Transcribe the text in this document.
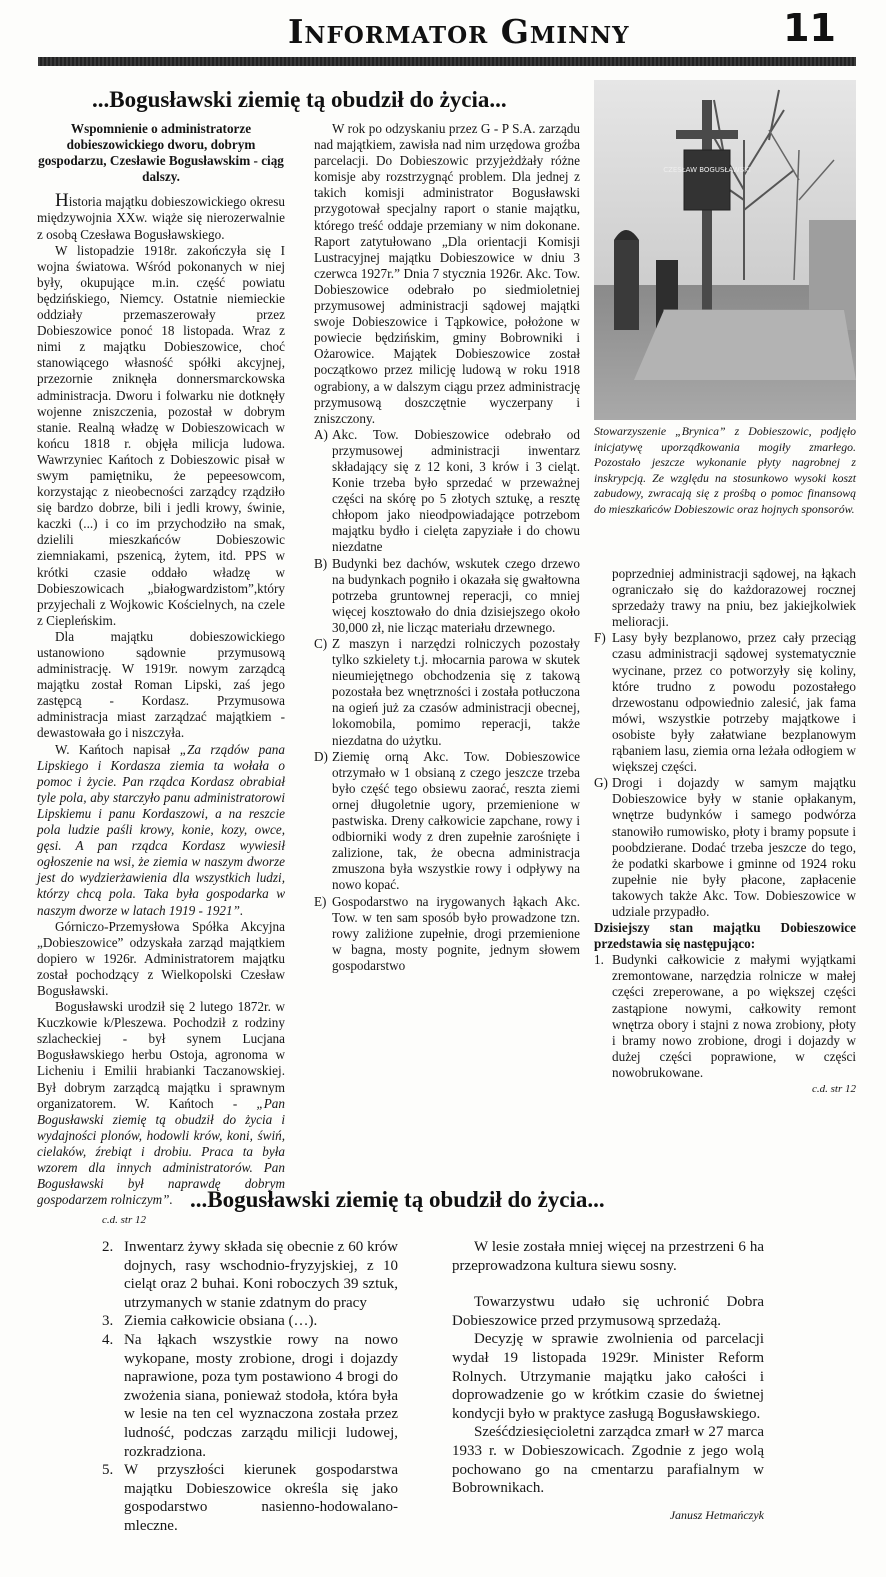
Informator Gminny	11
...Bogusławski ziemię tą obudził do życia...

Wspomnienie o administratorze dobieszowickiego dworu, dobrym gospodarzu, Czesławie Bogusławskim - ciąg dalszy.

Historia majątku dobieszowickiego okresu międzywojnia XXw. wiąże się nierozerwalnie z osobą Czesława Bogusławskiego.

W listopadzie 1918r. zakończyła się I wojna światowa. Wśród pokonanych w niej były, okupujące m.in. część powiatu będzińskiego, Niemcy. Ostatnie niemieckie oddziały przemaszerowały przez Dobieszowice ponoć 18 listopada. Wraz z nimi z majątku Dobieszowice, choć stanowiącego własność spółki akcyjnej, przezornie zniknęła donnersmarckowska administracja. Dworu i folwarku nie dotknęły wojenne zniszczenia, pozostał w dobrym stanie. Realną władzę w Dobieszowicach w końcu 1818 r. objęła milicja ludowa. Wawrzyniec Kańtoch z Dobieszowic pisał w swym pamiętniku, że pepeesowcom, korzystając z nieobecności zarządcy rządziło się bardzo dobrze, bili i jedli krowy, świnie, kaczki (...) i co im przychodziło na smak, dzielili mieszkańców Dobieszowic ziemniakami, pszenicą, żytem, itd. PPS w krótki czasie oddało władzę w Dobieszowicach „białogwardzistom”,który przyjechali z Wojkowic Kościelnych, na czele z Ciepleńskim.

Dla majątku dobieszowickiego ustanowiono sądownie przymusową administrację. W 1919r. nowym zarządcą majątku został Roman Lipski, zaś jego zastępcą - Kordasz. Przymusowa administracja miast zarządzać majątkiem - dewastowała go i niszczyła.

W. Kańtoch napisał „Za rządów pana Lipskiego i Kordasza ziemia ta wołała o pomoc i życie. Pan rządca Kordasz obrabiał tyle pola, aby starczyło panu administratorowi Lipskiemu i panu Kordaszowi, a na reszcie pola ludzie paśli krowy, konie, kozy, owce, gęsi. A pan rządca Kordasz wywiesił ogłoszenie na wsi, że ziemia w naszym dworze jest do wydzierżawienia dla wszystkich ludzi, którzy chcą pola. Taka była gospodarka w naszym dworze w latach 1919 - 1921”.

Górniczo-Przemysłowa Spółka Akcyjna „Dobieszowice” odzyskała zarząd majątkiem dopiero w 1926r. Administratorem majątku został pochodzący z Wielkopolski Czesław Bogusławski.

Bogusławski urodził się 2 lutego 1872r. w Kuczkowie k/Pleszewa. Pochodził z rodziny szlacheckiej - był synem Lucjana Bogusławskiego herbu Ostoja, agronoma w Licheniu i Emilii hrabianki Taczanowskiej. Był dobrym zarządcą majątku i sprawnym organizatorem. W. Kańtoch - „Pan Bogusławski ziemię tą obudził do życia i wydajności plonów, hodowli krów, koni, świń, cielaków, źrebiąt i drobiu. Praca ta była wzorem dla innych administratorów. Pan Bogusławski był naprawdę dobrym gospodarzem rolniczym”.

W rok po odzyskaniu przez G - P S.A. zarządu nad majątkiem, zawisła nad nim urzędowa groźba parcelacji. Do Dobieszowic przyjeżdżały różne komisje aby rozstrzygnąć problem. Dla jednej z takich komisji administrator Bogusławski przygotował specjalny raport o stanie majątku, którego treść oddaje przemiany w nim dokonane. Raport zatytułowano „Dla orientacji Komisji Lustracyjnej majątku Dobieszowice w dniu 3 czerwca 1927r.” Dnia 7 stycznia 1926r. Akc. Tow. Dobieszowice odebrało po siedmioletniej przymusowej administracji sądowej majątki swoje Dobieszowice i Tąpkowice, położone w powiecie będzińskim, gminy Bobrowniki i Ożarowice. Majątek Dobieszowice został początkowo przez milicję ludową w roku 1918 ograbiony, a w dalszym ciągu przez administrację przymusową doszczętnie wyczerpany i zniszczony.

A) Akc. Tow. Dobieszowice odebrało od przymusowej administracji inwentarz składający się z 12 koni, 3 krów i 3 cieląt. Konie trzeba było sprzedać w przeważnej części na skórę po 5 złotych sztukę, a resztę chłopom jako nieodpowiadające potrzebom majątku bydło i cielęta zapyziałe i do chowu niezdatne
B) Budynki bez dachów, wskutek czego drzewo na budynkach pogniło i okazała się gwałtowna potrzeba gruntownej reperacji, co mniej więcej kosztowało do dnia dzisiejszego około 30,000 zł, nie licząc materiału drzewnego.
C) Z maszyn i narzędzi rolniczych pozostały tylko szkielety t.j. młocarnia parowa w skutek nieumiejętnego obchodzenia się z takową pozostała bez wnętrzności i została potłuczona na ogień już za czasów administracji obecnej, lokomobila, pomimo reperacji, także niezdatna do użytku.
D) Ziemię orną Akc. Tow. Dobieszowice otrzymało w 1 obsianą z czego jeszcze trzeba było część tego obsiewu zaorać, reszta ziemi ornej długoletnie ugory, przemienione w pastwiska. Dreny całkowicie zapchane, rowy i odbiorniki wody z dren zupełnie zarośnięte i zalizione, tak, że obecna administracja zmuszona była wszystkie rowy i odpływy na nowo kopać.
E) Gospodarstwo na irygowanych łąkach Akc. Tow. w ten sam sposób było prowadzone tzn. rowy zaliżione zupełnie, drogi przemienione w bagna, mosty pognite, jednym słowem gospodarstwo
CZESŁAW BOGUSŁAWSKI
Stowarzyszenie „Brynica” z Dobieszowic, podjęło inicjatywę uporządkowania mogiły zmarłego. Pozostało jeszcze wykonanie płyty nagrobnej z inskrypcją. Ze względu na stosunkowo wysoki koszt zabudowy, zwracają się z prośbą o pomoc finansową do mieszkańców Dobieszowic oraz hojnych sponsorów.

poprzedniej administracji sądowej, na łąkach ograniczało się do każdorazowej rocznej sprzedaży trawy na pniu, bez jakiejkolwiek melioracji.

F) Lasy były bezplanowo, przez cały przeciąg czasu administracji sądowej systematycznie wycinane, przez co potworzyły się koliny, które trudno z powodu pozostałego drzewostanu odpowiednio zalesić, jak fama mówi, wszystkie potrzeby majątkowe i osobiste były załatwiane bezplanowym rąbaniem lasu, ziemia orna leżała odłogiem w większej części.
G) Drogi i dojazdy w samym majątku Dobieszowice były w stanie opłakanym, wnętrze budynków i samego podwórza stanowiło rumowisko, płoty i bramy popsute i poobdzierane. Dodać trzeba jeszcze do tego, że podatki skarbowe i gminne od 1924 roku zupełnie nie były płacone, zapłacenie takowych także Akc. Tow. Dobieszowice w udziale przypadło.

Dzisiejszy stan majątku Dobieszowice przedstawia się następująco:

1. Budynki całkowicie z małymi wyjątkami zremontowane, narzędzia rolnicze w małej części zreperowane, a po większej części zastąpione nowymi, całkowity remont wnętrza obory i stajni z nowa zrobiony, płoty i bramy nowo zrobione, drogi i dojazdy w dużej części poprawione, w części nowobrukowane.

c.d. str 12

...Bogusławski ziemię tą obudził do życia...
c.d. str 12
2. Inwentarz żywy składa się obecnie z 60 krów dojnych, rasy wschodnio-fryzyjskiej, z 10 cieląt oraz 2 buhai. Koni roboczych 39 sztuk, utrzymanych w stanie zdatnym do pracy
3. Ziemia całkowicie obsiana (…).
4. Na łąkach wszystkie rowy na nowo wykopane, mosty zrobione, drogi i dojazdy naprawione, poza tym postawiono 4 brogi do zwożenia siana, ponieważ stodoła, która była w lesie na ten cel wyznaczona została przez ludność, podczas zarządu milicji ludowej, rozkradziona.
5. W przyszłości kierunek gospodarstwa majątku Dobieszowice określa się jako gospodarstwo nasienno-hodowalano-mleczne.

W lesie została mniej więcej na przestrzeni 6 ha przeprowadzona kultura siewu sosny.

Towarzystwu udało się uchronić Dobra Dobieszowice przed przymusową sprzedażą.

Decyzję w sprawie zwolnienia od parcelacji wydał 19 listopada 1929r. Minister Reform Rolnych. Utrzymanie majątku jako całości i doprowadzenie go w krótkim czasie do świetnej kondycji było w praktyce zasługą Bogusławskiego.

Sześćdziesięcioletni zarządca zmarł w 27 marca 1933 r. w Dobieszowicach. Zgodnie z jego wolą pochowano go na cmentarzu parafialnym w Bobrownikach.

Janusz Hetmańczyk
